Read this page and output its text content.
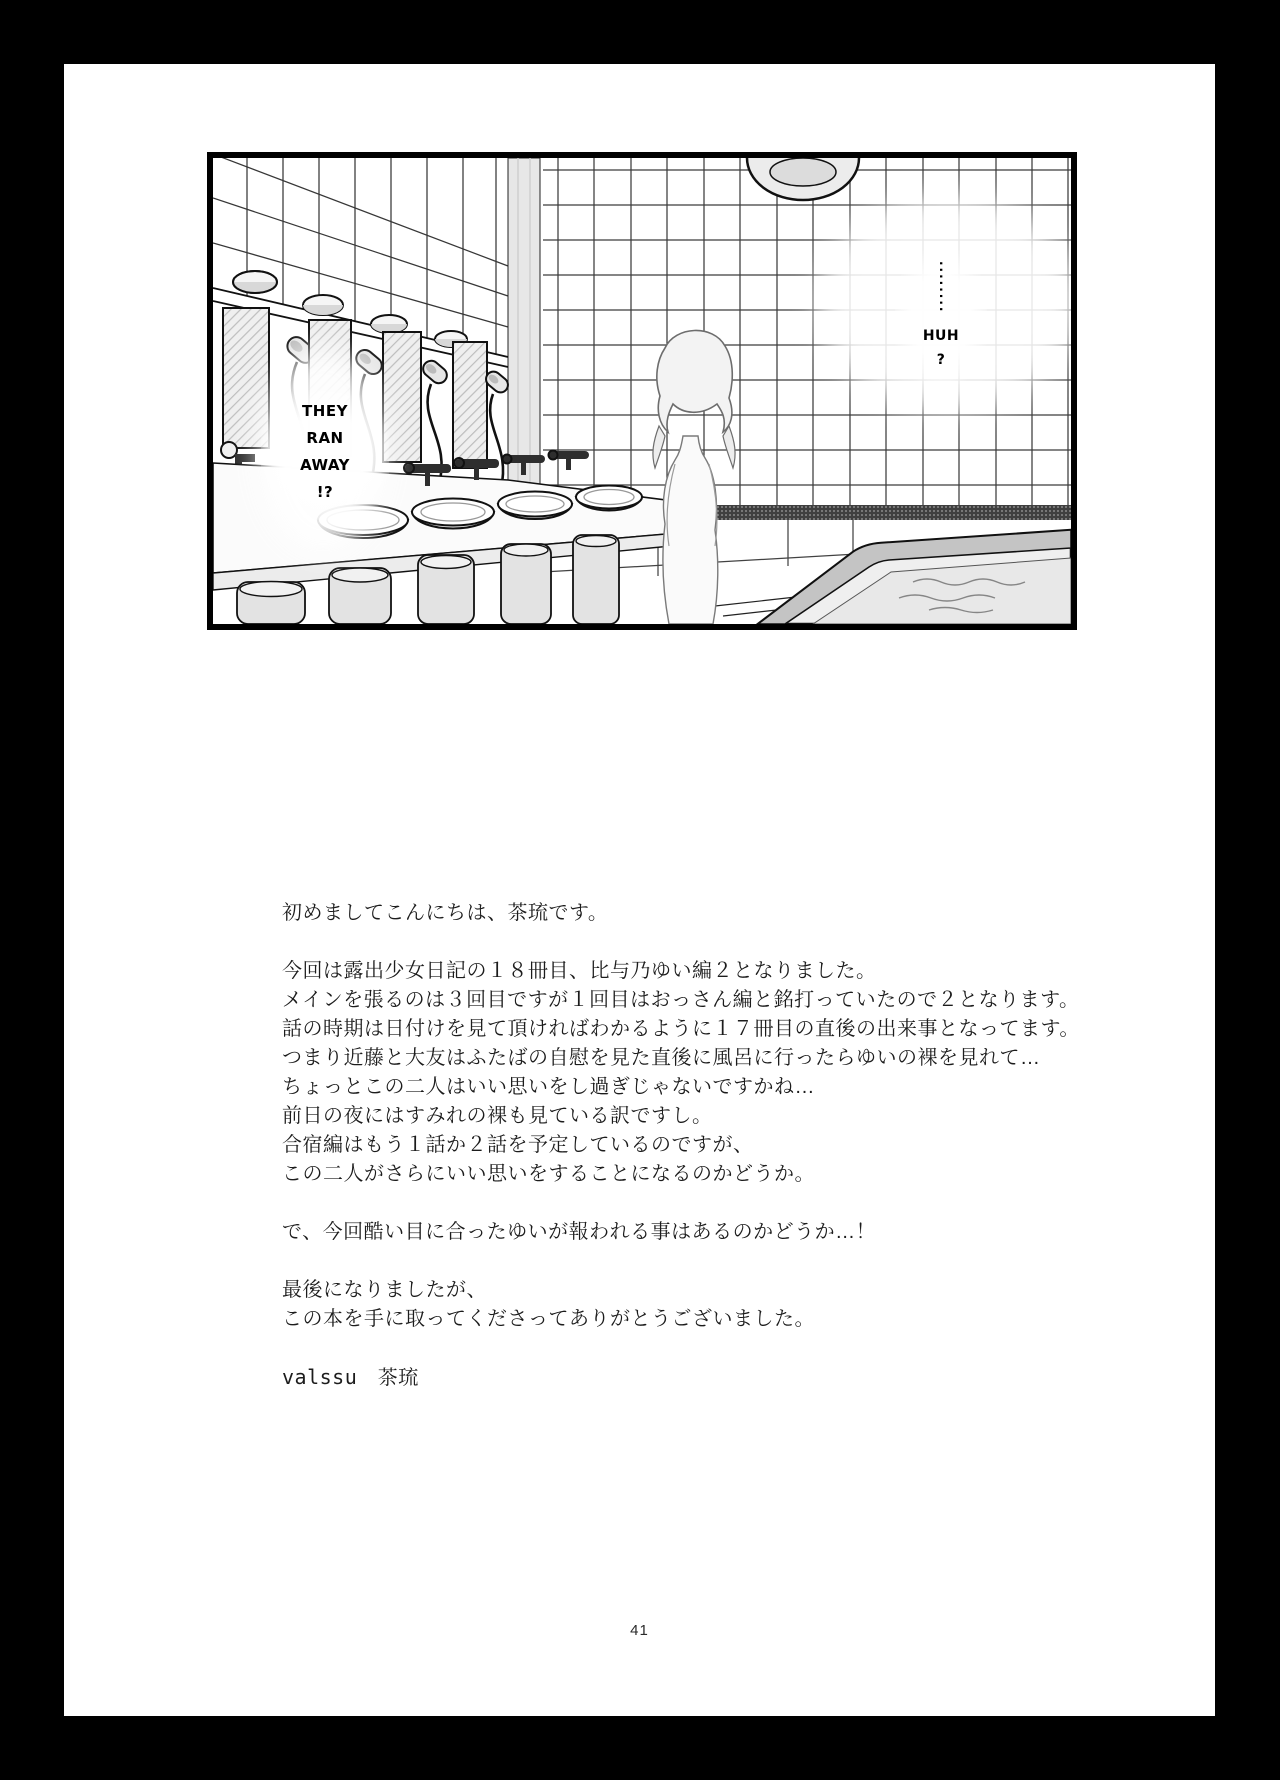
THEY
RAN
AWAY
!?
········
HUH
?
初めましてこんにちは、茶琉です。
今回は露出少女日記の１８冊目、比与乃ゆい編２となりました。
メインを張るのは３回目ですが１回目はおっさん編と銘打っていたので２となります。
話の時期は日付けを見て頂ければわかるように１７冊目の直後の出来事となってます。
つまり近藤と大友はふたばの自慰を見た直後に風呂に行ったらゆいの裸を見れて…
ちょっとこの二人はいい思いをし過ぎじゃないですかね…
前日の夜にはすみれの裸も見ている訳ですし。
合宿編はもう１話か２話を予定しているのですが、
この二人がさらにいい思いをすることになるのかどうか。
で、今回酷い目に合ったゆいが報われる事はあるのかどうか…！
最後になりましたが、
この本を手に取ってくださってありがとうございました。
valssu　茶琉
41
